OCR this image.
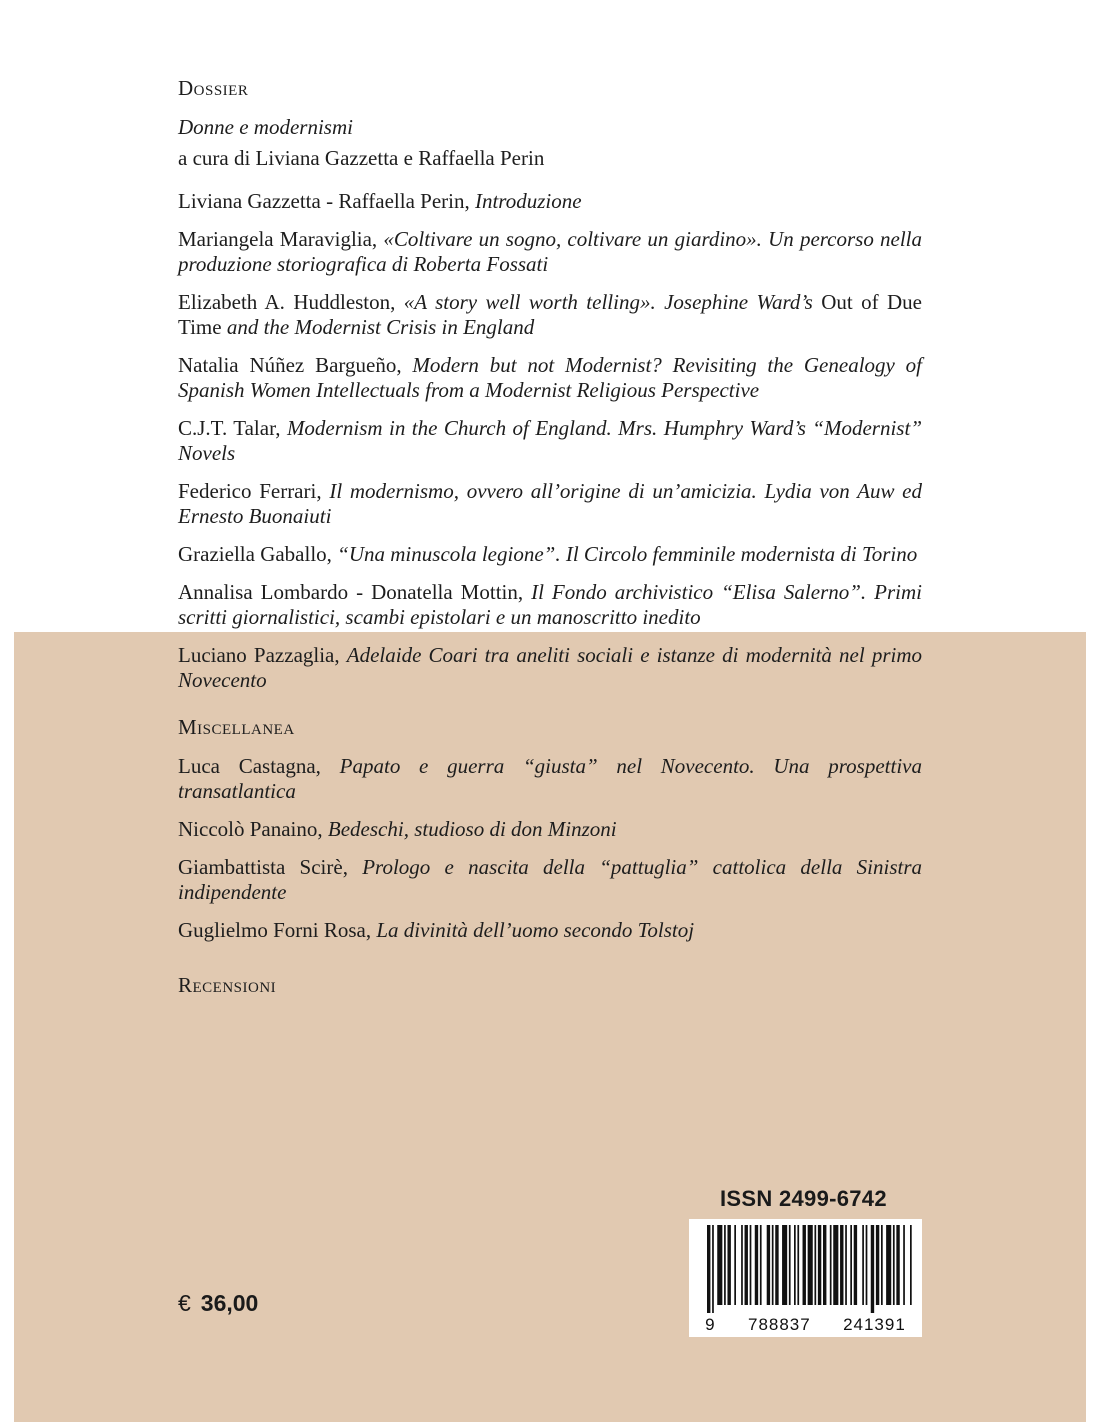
Dossier

Donne e modernismi

a cura di Liviana Gazzetta e Raffaella Perin

Liviana Gazzetta - Raffaella Perin, Introduzione

Mariangela Maraviglia, «Coltivare un sogno, coltivare un giardino». Un percorso nella produzione storiografica di Roberta Fossati

Elizabeth A. Huddleston, «A story well worth telling». Josephine Ward’s Out of Due Time and the Modernist Crisis in England

Natalia Núñez Bargueño, Modern but not Modernist? Revisiting the Genealogy of Spanish Women Intellectuals from a Modernist Religious Perspective

C.J.T. Talar, Modernism in the Church of England. Mrs. Humphry Ward’s “Modernist” Novels

Federico Ferrari, Il modernismo, ovvero all’origine di un’amicizia. Lydia von Auw ed Ernesto Buonaiuti

Graziella Gaballo, “Una minuscola legione”. Il Circolo femminile modernista di Torino

Annalisa Lombardo - Donatella Mottin, Il Fondo archivistico “Elisa Salerno”. Primi scritti giornalistici, scambi epistolari e un manoscritto inedito

Luciano Pazzaglia, Adelaide Coari tra aneliti sociali e istanze di modernità nel primo Novecento

Miscellanea

Luca Castagna, Papato e guerra “giusta” nel Novecento. Una prospettiva transatlantica

Niccolò Panaino, Bedeschi, studioso di don Minzoni

Giambattista Scirè, Prologo e nascita della “pattuglia” cattolica della Sinistra indipendente

Guglielmo Forni Rosa, La divinità dell’uomo secondo Tolstoj

Recensioni

€ 36,00
ISSN 2499-6742
9 788837 241391
